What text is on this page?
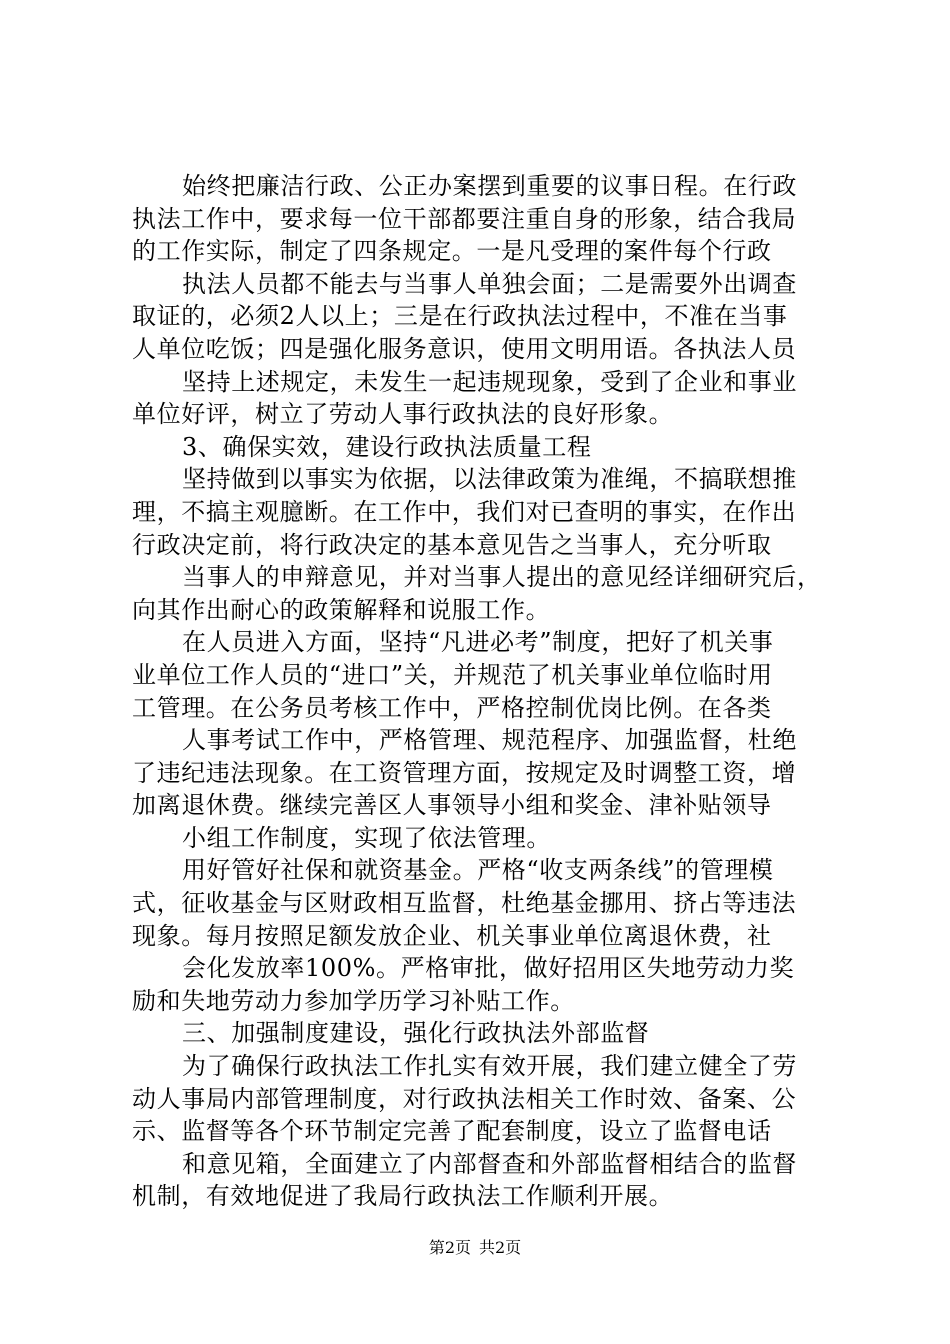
始终把廉洁行政、公正办案摆到重要的议事日程。在行政
执法工作中，要求每一位干部都要注重自身的形象，结合我局
的工作实际，制定了四条规定。一是凡受理的案件每个行政
执法人员都不能去与当事人单独会面；二是需要外出调查
取证的，必须2人以上；三是在行政执法过程中，不准在当事
人单位吃饭；四是强化服务意识，使用文明用语。各执法人员
坚持上述规定，未发生一起违规现象，受到了企业和事业
单位好评，树立了劳动人事行政执法的良好形象。
3、确保实效，建设行政执法质量工程
坚持做到以事实为依据，以法律政策为准绳，不搞联想推
理，不搞主观臆断。在工作中，我们对已查明的事实，在作出
行政决定前，将行政决定的基本意见告之当事人，充分听取
当事人的申辩意见，并对当事人提出的意见经详细研究后，
向其作出耐心的政策解释和说服工作。
在人员进入方面，坚持“凡进必考”制度，把好了机关事
业单位工作人员的“进口”关，并规范了机关事业单位临时用
工管理。在公务员考核工作中，严格控制优岗比例。在各类
人事考试工作中，严格管理、规范程序、加强监督，杜绝
了违纪违法现象。在工资管理方面，按规定及时调整工资，增
加离退休费。继续完善区人事领导小组和奖金、津补贴领导
小组工作制度，实现了依法管理。
用好管好社保和就资基金。严格“收支两条线”的管理模
式，征收基金与区财政相互监督，杜绝基金挪用、挤占等违法
现象。每月按照足额发放企业、机关事业单位离退休费，社
会化发放率100%。严格审批，做好招用区失地劳动力奖
励和失地劳动力参加学历学习补贴工作。
三、加强制度建设，强化行政执法外部监督
为了确保行政执法工作扎实有效开展，我们建立健全了劳
动人事局内部管理制度，对行政执法相关工作时效、备案、公
示、监督等各个环节制定完善了配套制度，设立了监督电话
和意见箱，全面建立了内部督查和外部监督相结合的监督
机制，有效地促进了我局行政执法工作顺利开展。
第2页 共2页
